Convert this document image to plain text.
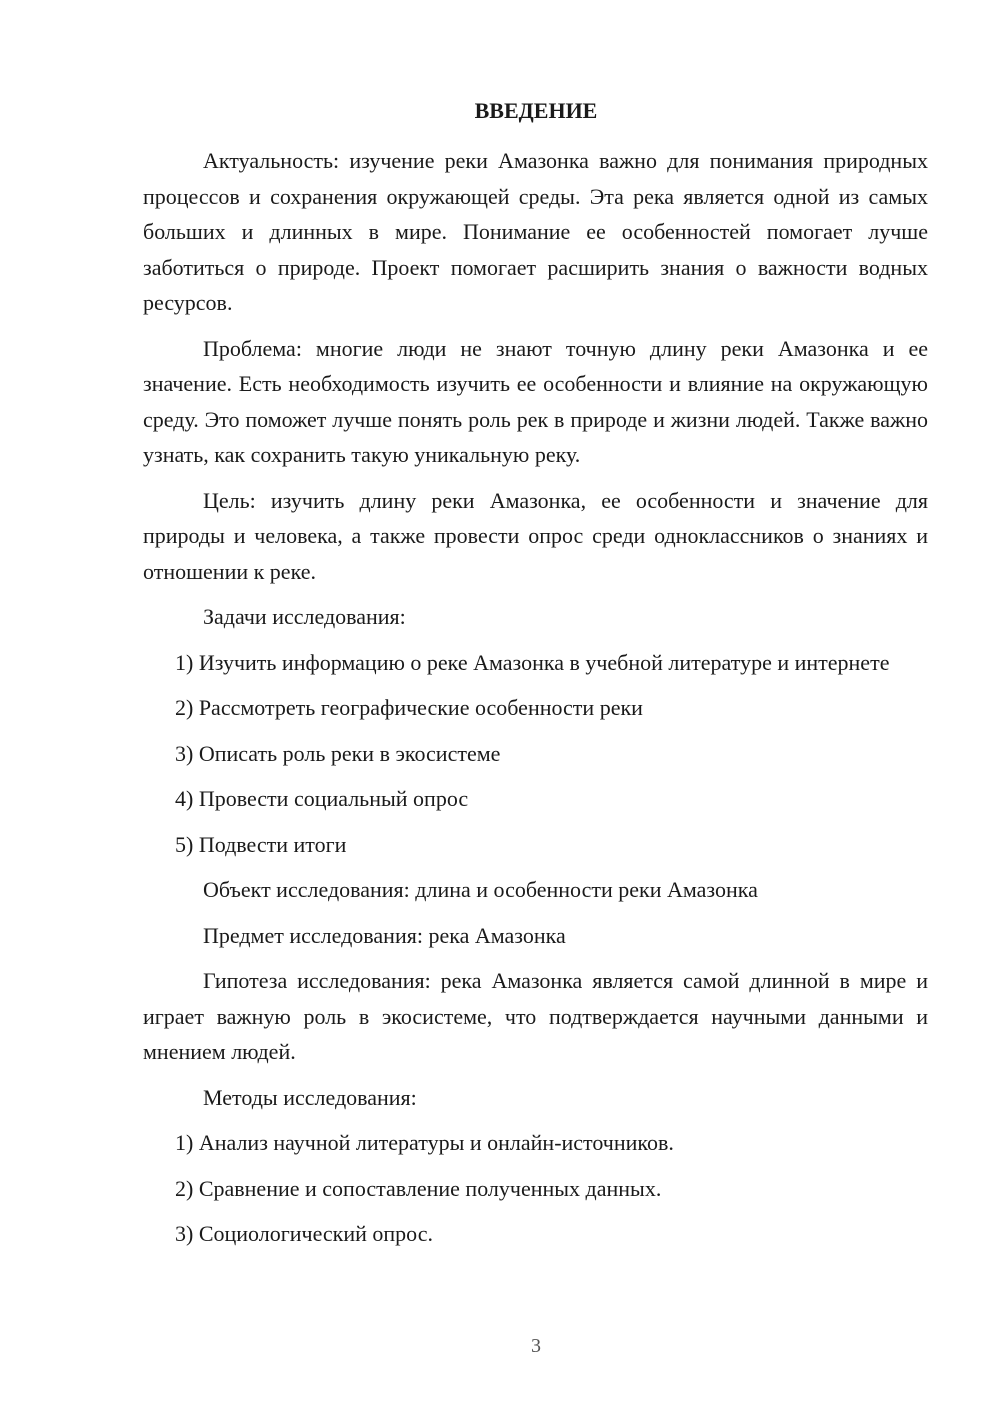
ВВЕДЕНИЕ

Актуальность: изучение реки Амазонка важно для понимания природных процессов и сохранения окружающей среды. Эта река является одной из самых больших и длинных в мире. Понимание ее особенностей помогает лучше заботиться о природе. Проект помогает расширить знания о важности водных ресурсов.

Проблема: многие люди не знают точную длину реки Амазонка и ее значение. Есть необходимость изучить ее особенности и влияние на окружающую среду. Это поможет лучше понять роль рек в природе и жизни людей. Также важно узнать, как сохранить такую уникальную реку.

Цель: изучить длину реки Амазонка, ее особенности и значение для природы и человека, а также провести опрос среди одноклассников о знаниях и отношении к реке.

Задачи исследования:

1) Изучить информацию о реке Амазонка в учебной литературе и интернете

2) Рассмотреть географические особенности реки

3) Описать роль реки в экосистеме

4) Провести социальный опрос

5) Подвести итоги

Объект исследования: длина и особенности реки Амазонка

Предмет исследования: река Амазонка

Гипотеза исследования: река Амазонка является самой длинной в мире и играет важную роль в экосистеме, что подтверждается научными данными и мнением людей.

Методы исследования:

1) Анализ научной литературы и онлайн-источников.

2) Сравнение и сопоставление полученных данных.

3) Социологический опрос.

3
